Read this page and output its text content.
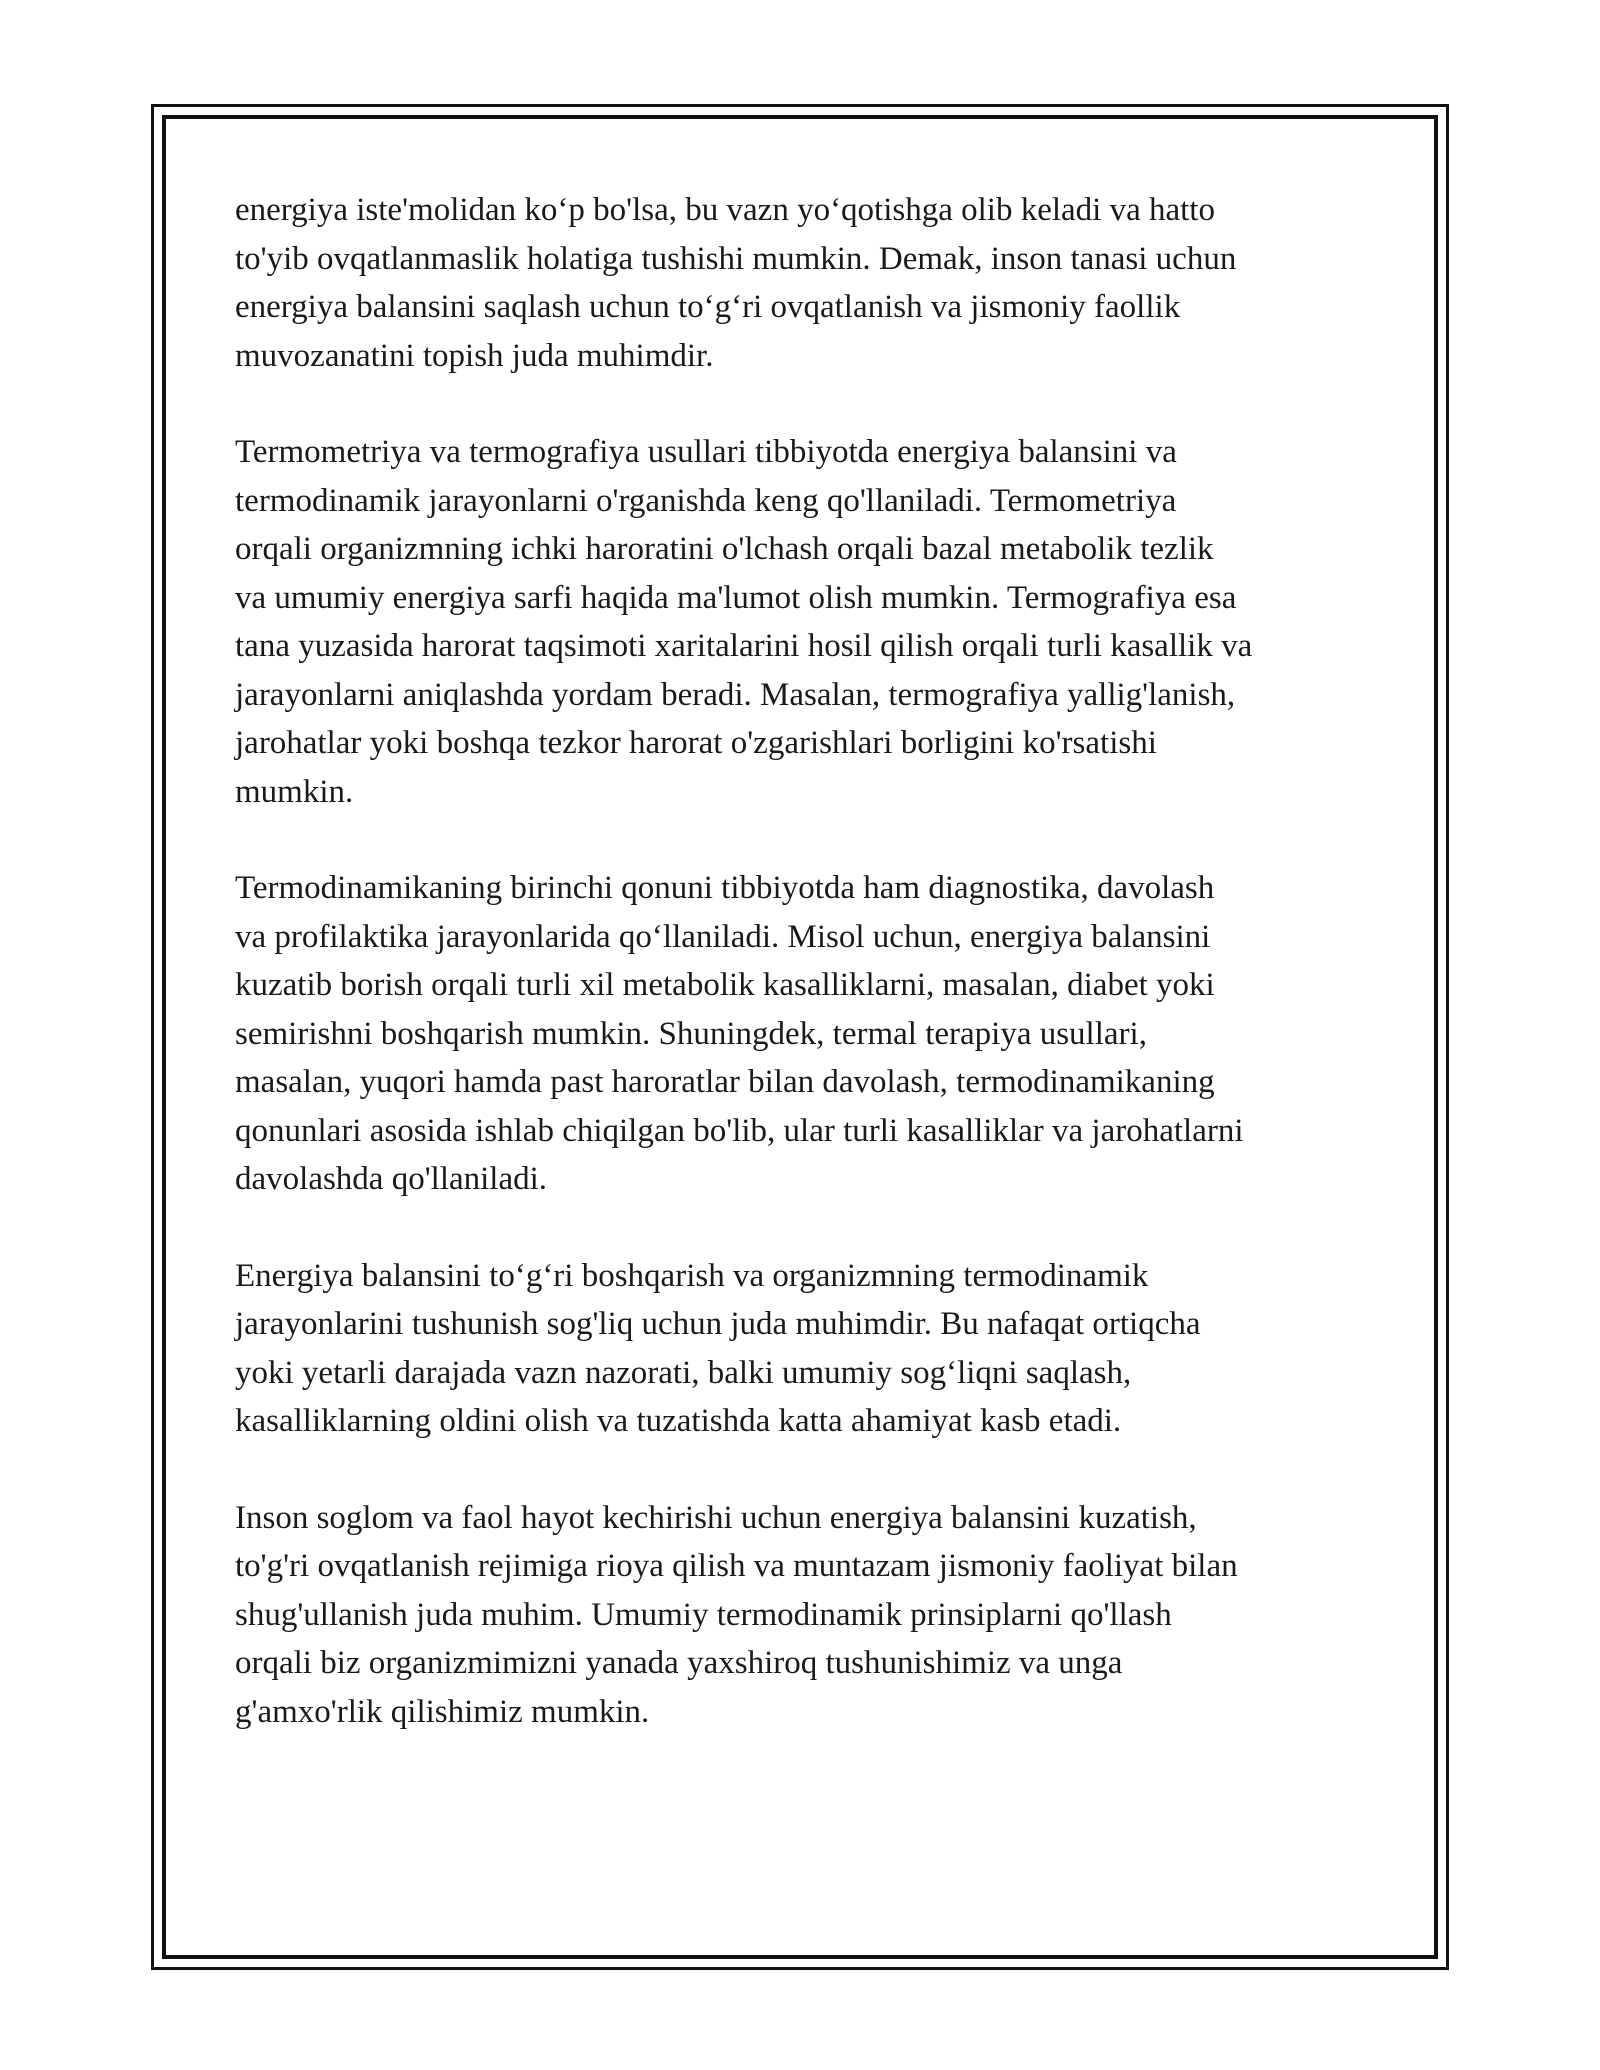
energiya iste'molidan ko‘p bo'lsa, bu vazn yo‘qotishga olib keladi va hatto
to'yib ovqatlanmaslik holatiga tushishi mumkin. Demak, inson tanasi uchun
energiya balansini saqlash uchun to‘g‘ri ovqatlanish va jismoniy faollik
muvozanatini topish juda muhimdir.

Termometriya va termografiya usullari tibbiyotda energiya balansini va
termodinamik jarayonlarni o'rganishda keng qo'llaniladi. Termometriya
orqali organizmning ichki haroratini o'lchash orqali bazal metabolik tezlik
va umumiy energiya sarfi haqida ma'lumot olish mumkin. Termografiya esa
tana yuzasida harorat taqsimoti xaritalarini hosil qilish orqali turli kasallik va
jarayonlarni aniqlashda yordam beradi. Masalan, termografiya yallig'lanish,
jarohatlar yoki boshqa tezkor harorat o'zgarishlari borligini ko'rsatishi
mumkin.

Termodinamikaning birinchi qonuni tibbiyotda ham diagnostika, davolash
va profilaktika jarayonlarida qo‘llaniladi. Misol uchun, energiya balansini
kuzatib borish orqali turli xil metabolik kasalliklarni, masalan, diabet yoki
semirishni boshqarish mumkin. Shuningdek, termal terapiya usullari,
masalan, yuqori hamda past haroratlar bilan davolash, termodinamikaning
qonunlari asosida ishlab chiqilgan bo'lib, ular turli kasalliklar va jarohatlarni
davolashda qo'llaniladi.

Energiya balansini to‘g‘ri boshqarish va organizmning termodinamik
jarayonlarini tushunish sog'liq uchun juda muhimdir. Bu nafaqat ortiqcha
yoki yetarli darajada vazn nazorati, balki umumiy sog‘liqni saqlash,
kasalliklarning oldini olish va tuzatishda katta ahamiyat kasb etadi.

Inson soglom va faol hayot kechirishi uchun energiya balansini kuzatish,
to'g'ri ovqatlanish rejimiga rioya qilish va muntazam jismoniy faoliyat bilan
shug'ullanish juda muhim. Umumiy termodinamik prinsiplarni qo'llash
orqali biz organizmimizni yanada yaxshiroq tushunishimiz va unga
g'amxo'rlik qilishimiz mumkin.
